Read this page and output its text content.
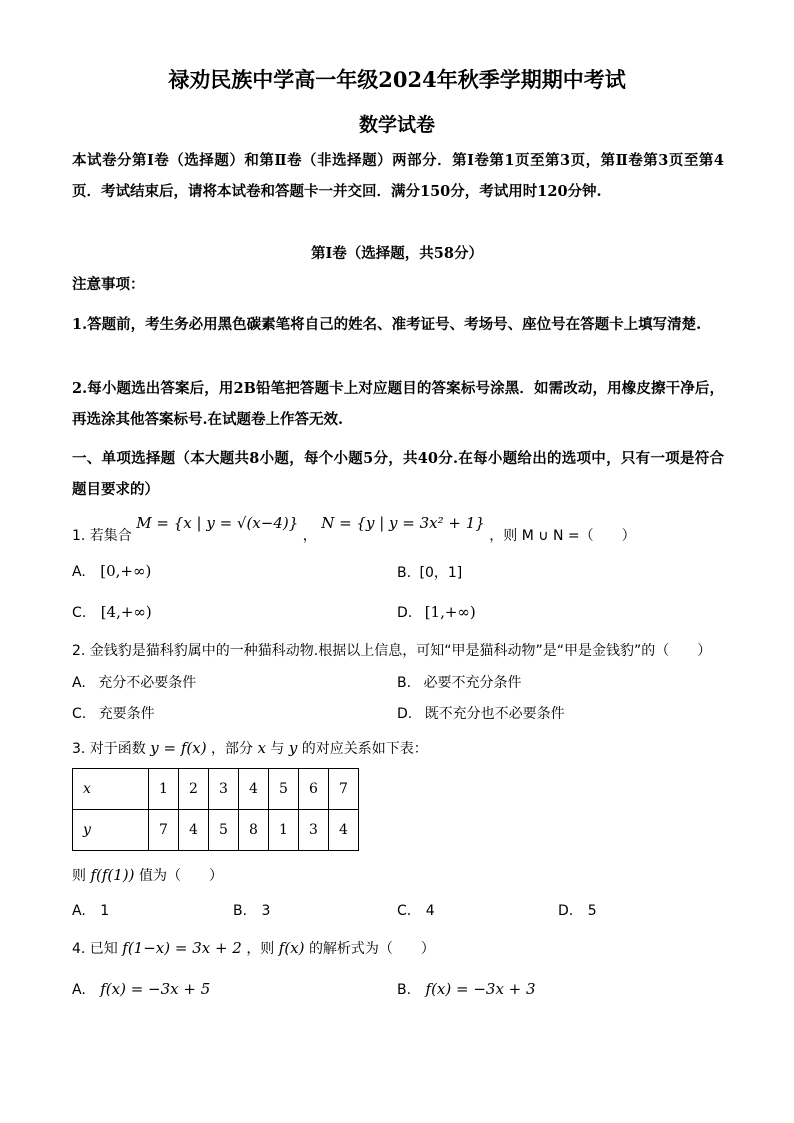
禄劝民族中学高一年级2024年秋季学期期中考试
数学试卷
本试卷分第Ⅰ卷（选择题）和第Ⅱ卷（非选择题）两部分．第Ⅰ卷第1页至第3页，第Ⅱ卷第3页至第4页．考试结束后，请将本试卷和答题卡一并交回．满分150分，考试用时120分钟.
第Ⅰ卷（选择题，共58分）
注意事项：
1.答题前，考生务必用黑色碳素笔将自己的姓名、准考证号、考场号、座位号在答题卡上填写清楚.
2.每小题选出答案后，用2B铅笔把答题卡上对应题目的答案标号涂黑．如需改动，用橡皮擦干净后，再选涂其他答案标号.在试题卷上作答无效.
一、单项选择题（本大题共8小题，每个小题5分，共40分.在每小题给出的选项中，只有一项是符合题目要求的）
1. 若集合 M = {x | y = √(x−4)} ， N = {y | y = 3x² + 1} ，则 M ∪ N =（　　）
A. [0,+∞)	B. [0，1]
C. [4,+∞)	D. [1,+∞)
2. 金钱豹是猫科豹属中的一种猫科动物.根据以上信息，可知“甲是猫科动物”是“甲是金钱豹”的（　　）
A. 充分不必要条件	B. 必要不充分条件
C. 充要条件	D. 既不充分也不必要条件
3. 对于函数 y = f(x) ，部分 x 与 y 的对应关系如下表：
x	1	2	3	4	5	6	7
y	7	4	5	8	1	3	4
则 f(f(1)) 值为（　　）
A. 1	B. 3	C. 4	D. 5
4. 已知 f(1−x) = 3x + 2 ，则 f(x) 的解析式为（　　）
A. f(x) = −3x + 5	B. f(x) = −3x + 3
